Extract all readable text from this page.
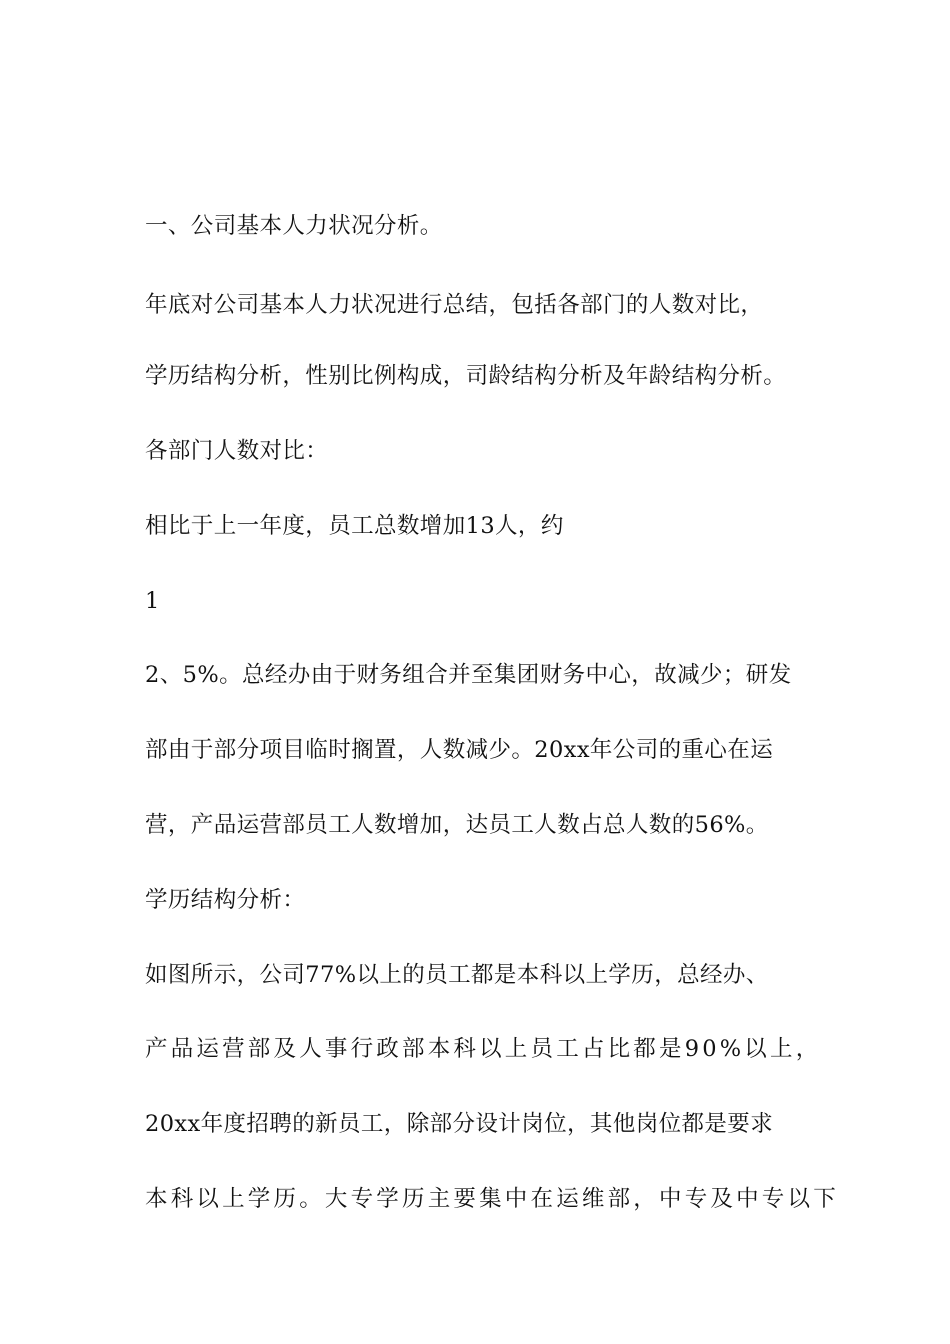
一、公司基本人力状况分析。

年底对公司基本人力状况进行总结，包括各部门的人数对比，

学历结构分析，性别比例构成，司龄结构分析及年龄结构分析。

各部门人数对比：

相比于上一年度，员工总数增加13人，约

1

2、5%。总经办由于财务组合并至集团财务中心，故减少；研发

部由于部分项目临时搁置，人数减少。20xx年公司的重心在运

营，产品运营部员工人数增加，达员工人数占总人数的56%。

学历结构分析：

如图所示，公司77%以上的员工都是本科以上学历，总经办、

产品运营部及人事行政部本科以上员工占比都是90%以上，

20xx年度招聘的新员工，除部分设计岗位，其他岗位都是要求

本科以上学历。大专学历主要集中在运维部，中专及中专以下
